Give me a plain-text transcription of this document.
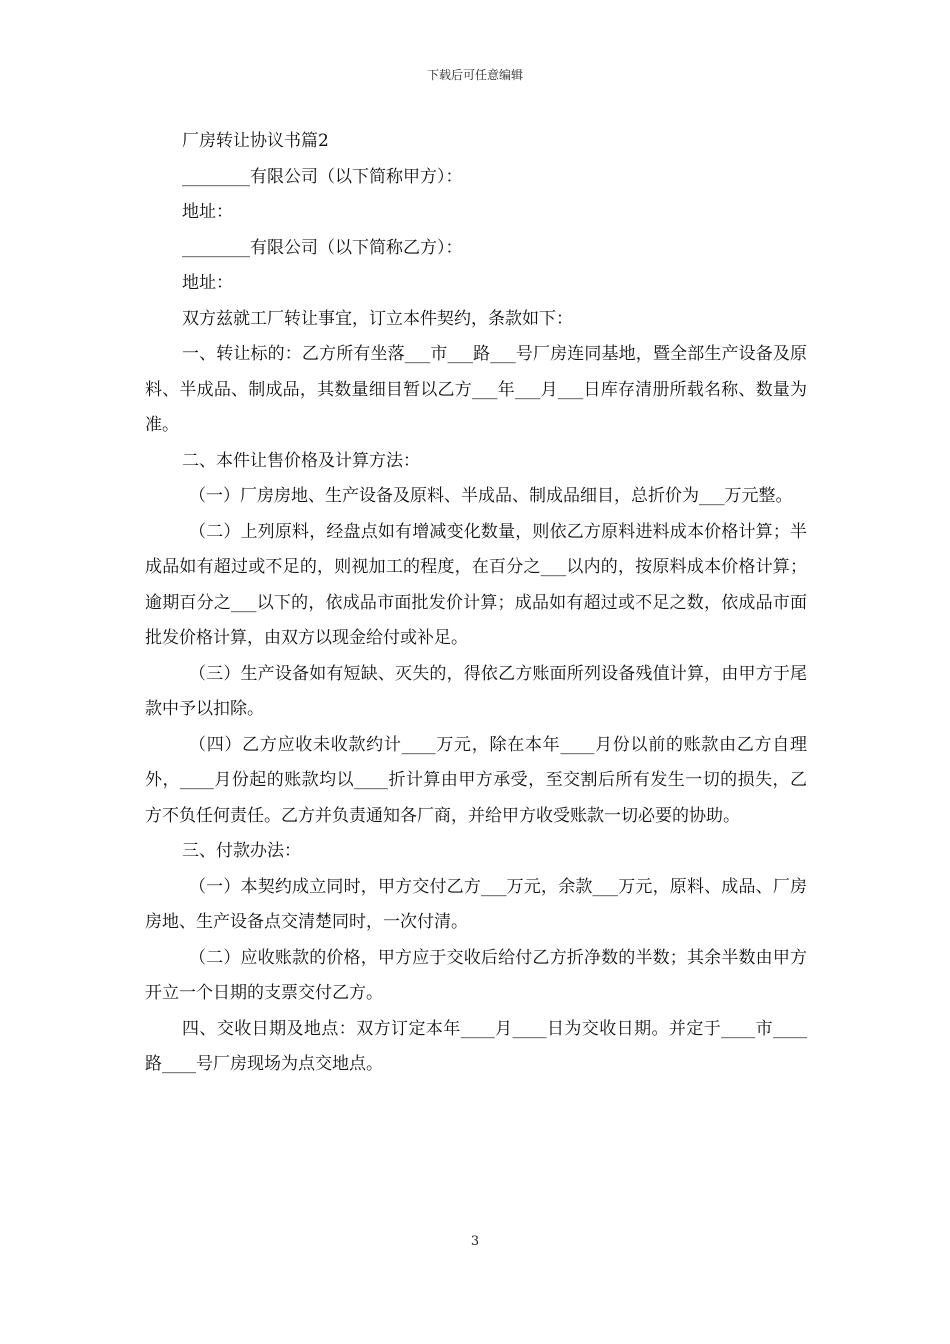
下载后可任意编辑

厂房转让协议书篇2

________有限公司（以下简称甲方）：

地址：

________有限公司（以下简称乙方）：

地址：

双方兹就工厂转让事宜，订立本件契约，条款如下：

一、转让标的：乙方所有坐落___市___路___号厂房连同基地，暨全部生产设备及原料、半成品、制成品，其数量细目暂以乙方___年___月___日库存清册所载名称、数量为准。

二、本件让售价格及计算方法：

（一）厂房房地、生产设备及原料、半成品、制成品细目，总折价为___万元整。

（二）上列原料，经盘点如有增减变化数量，则依乙方原料进料成本价格计算；半成品如有超过或不足的，则视加工的程度，在百分之___以内的，按原料成本价格计算；逾期百分之___以下的，依成品市面批发价计算；成品如有超过或不足之数，依成品市面批发价格计算，由双方以现金给付或补足。

（三）生产设备如有短缺、灭失的，得依乙方账面所列设备残值计算，由甲方于尾款中予以扣除。

（四）乙方应收未收款约计____万元，除在本年____月份以前的账款由乙方自理外，____月份起的账款均以____折计算由甲方承受，至交割后所有发生一切的损失，乙方不负任何责任。乙方并负责通知各厂商，并给甲方收受账款一切必要的协助。

三、付款办法：

（一）本契约成立同时，甲方交付乙方___万元，余款___万元，原料、成品、厂房房地、生产设备点交清楚同时，一次付清。

（二）应收账款的价格，甲方应于交收后给付乙方折净数的半数；其余半数由甲方开立一个日期的支票交付乙方。

四、交收日期及地点：双方订定本年____月____日为交收日期。并定于____市____路____号厂房现场为点交地点。

3
